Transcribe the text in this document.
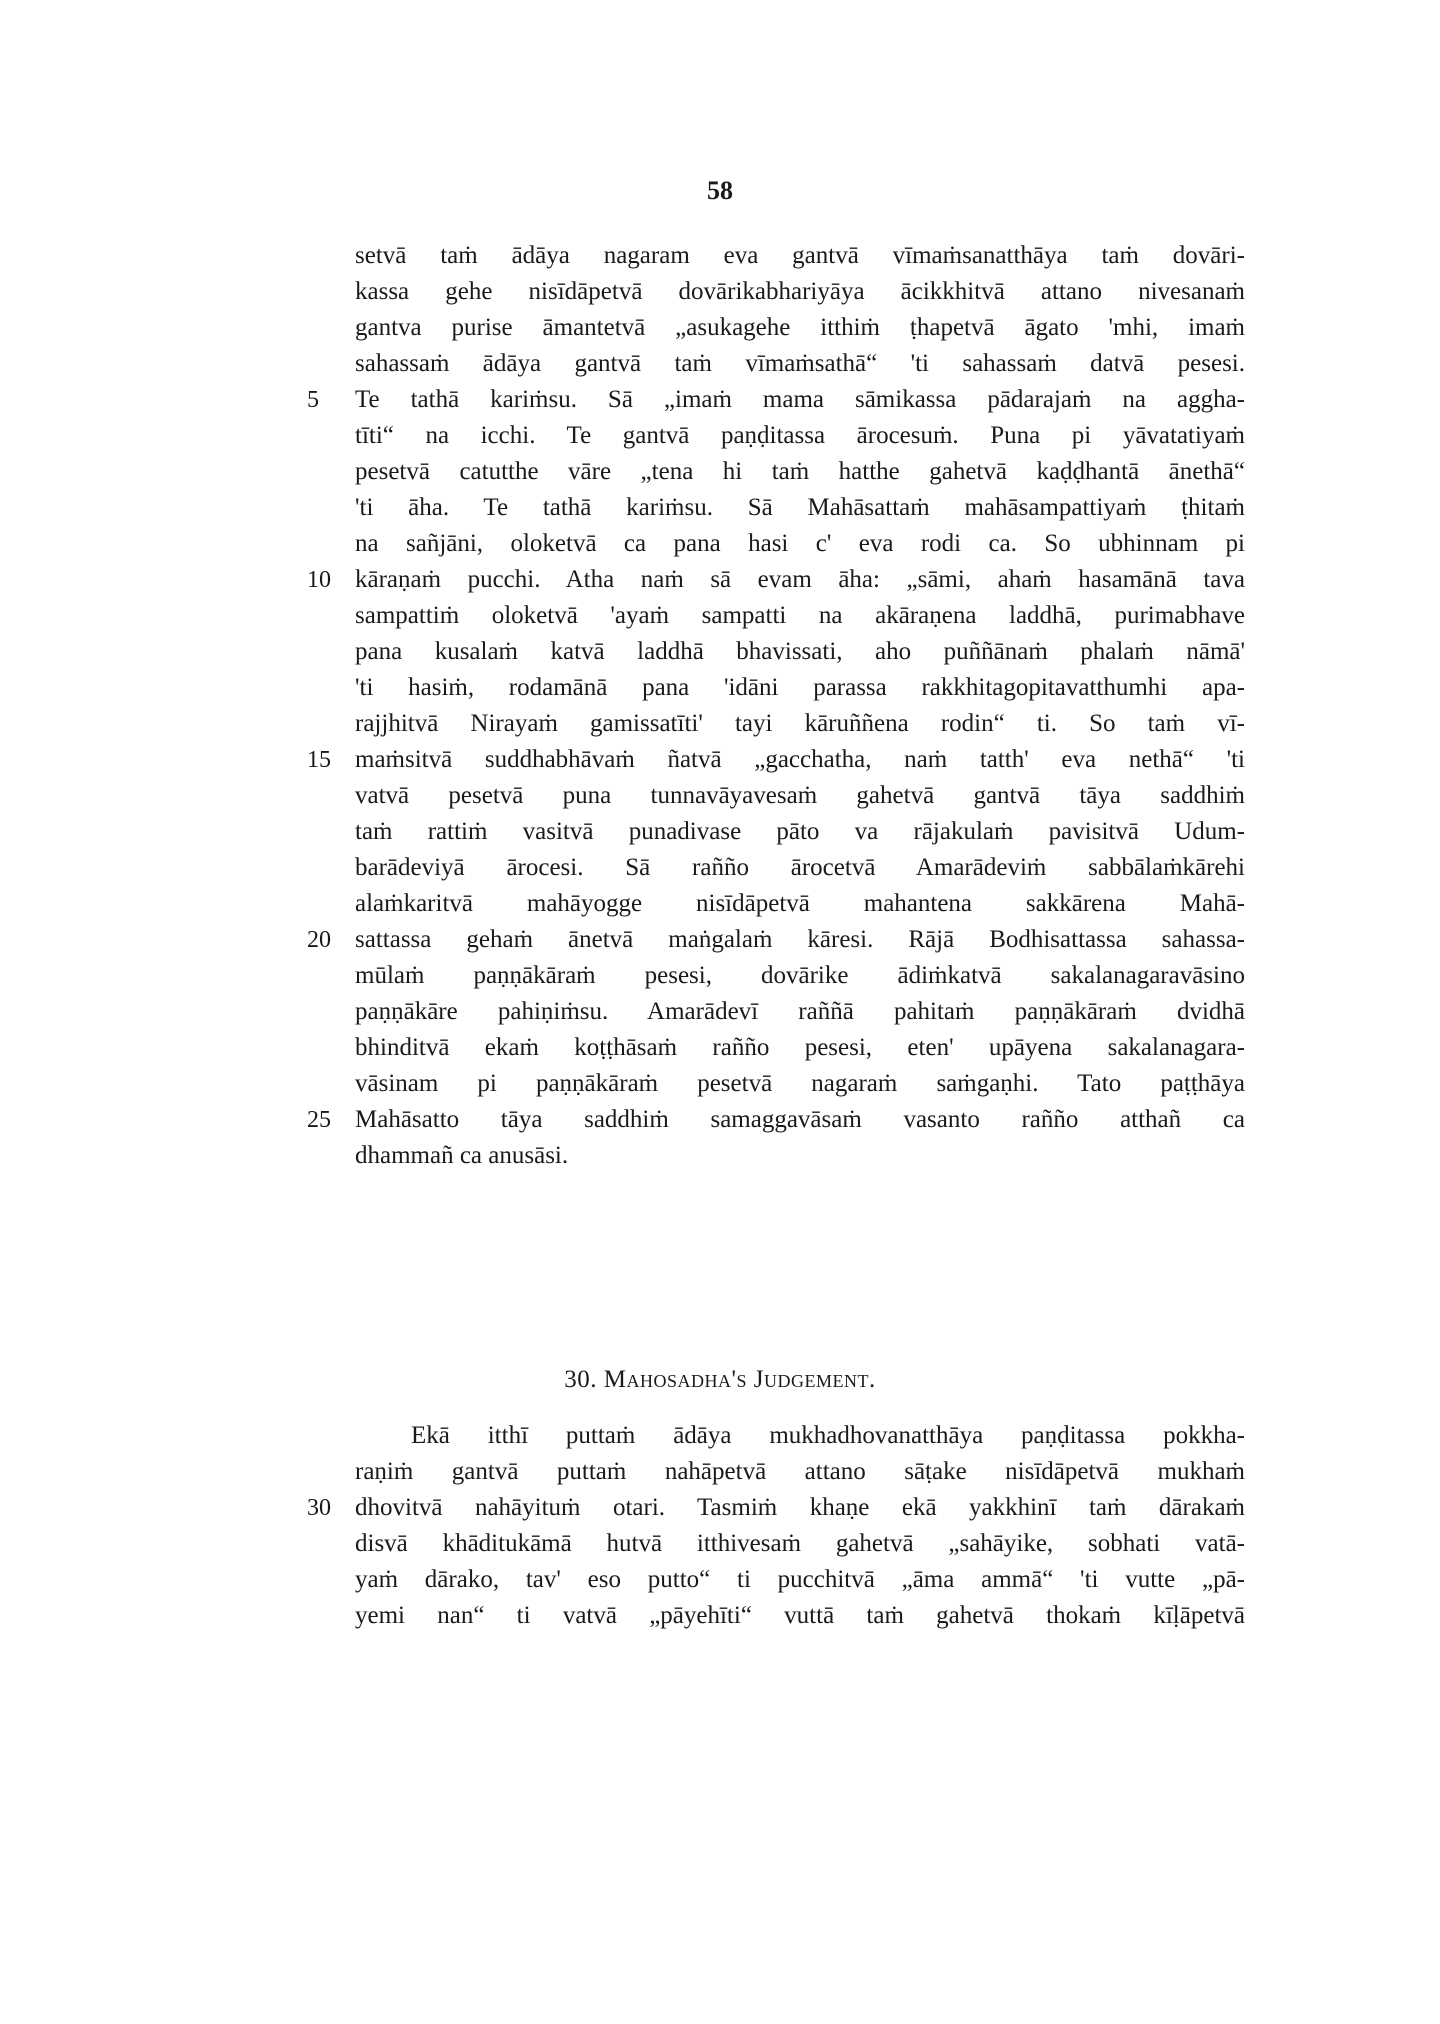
58
setvā taṁ ādāya nagaram eva gantvā vīmaṁsanatthāya taṁ dovāri-
kassa gehe nisīdāpetvā dovārikabhariyāya ācikkhitvā attano nivesanaṁ
gantva purise āmantetvā „asukagehe itthiṁ ṭhapetvā āgato 'mhi, imaṁ
sahassaṁ ādāya gantvā taṁ vīmaṁsathā“ 'ti sahassaṁ datvā pesesi.
5	Te tathā kariṁsu. Sā „imaṁ mama sāmikassa pādarajaṁ na aggha-
tīti“ na icchi. Te gantvā paṇḍitassa ārocesuṁ. Puna pi yāvatatiyaṁ
pesetvā catutthe vāre „tena hi taṁ hatthe gahetvā kaḍḍhantā ānethā“
'ti āha. Te tathā kariṁsu. Sā Mahāsattaṁ mahāsampattiyaṁ ṭhitaṁ
na sañjāni, oloketvā ca pana hasi c' eva rodi ca. So ubhinnam pi
10 kāraṇaṁ pucchi. Atha naṁ sā evam āha: „sāmi, ahaṁ hasamānā tava
sampattiṁ oloketvā 'ayaṁ sampatti na akāraṇena laddhā, purimabhave
pana kusalaṁ katvā laddhā bhavissati, aho puññānaṁ phalaṁ nāmā'
'ti hasiṁ, rodamānā pana 'idāni parassa rakkhitagopitavatthumhi apa-
rajjhitvā Nirayaṁ gamissatīti' tayi kāruññena rodin“ ti. So taṁ vī-
15 maṁsitvā suddhabhāvaṁ ñatvā „gacchatha, naṁ tatth' eva nethā“ 'ti
vatvā pesetvā puna tunnavāyavesaṁ gahetvā gantvā tāya saddhiṁ
taṁ rattiṁ vasitvā punadivase pāto va rājakulaṁ pavisitvā Udum-
barādeviyā ārocesi. Sā rañño ārocetvā Amarādeviṁ sabbālaṁkārehi
alaṁkaritvā mahāyogge nisīdāpetvā mahantena sakkārena Mahā-
20 sattassa gehaṁ ānetvā maṅgalaṁ kāresi. Rājā Bodhisattassa sahassa-
mūlaṁ paṇṇākāraṁ pesesi, dovārike ādiṁkatvā sakalanagaravāsino
paṇṇākāre pahiṇiṁsu. Amarādevī raññā pahitaṁ paṇṇākāraṁ dvidhā
bhinditvā ekaṁ koṭṭhāsaṁ rañño pesesi, eten' upāyena sakalanagara-
vāsinam pi paṇṇākāraṁ pesetvā nagaraṁ saṁgaṇhi. Tato paṭṭhāya
25 Mahāsatto tāya saddhiṁ samaggavāsaṁ vasanto rañño atthañ ca
dhammañ ca anusāsi.
30. Mahosadha's Judgement.
Ekā itthī puttaṁ ādāya mukhadhovanatthāya paṇḍitassa pokkha-
raṇiṁ gantvā puttaṁ nahāpetvā attano sāṭake nisīdāpetvā mukhaṁ
30 dhovitvā nahāyituṁ otari. Tasmiṁ khaṇe ekā yakkhinī taṁ dārakaṁ
disvā khāditukāmā hutvā itthivesaṁ gahetvā „sahāyike, sobhati vatā-
yaṁ dārako, tav' eso putto“ ti pucchitvā „āma ammā“ 'ti vutte „pā-
yemi nan“ ti vatvā „pāyehīti“ vuttā taṁ gahetvā thokaṁ kīḷāpetvā
